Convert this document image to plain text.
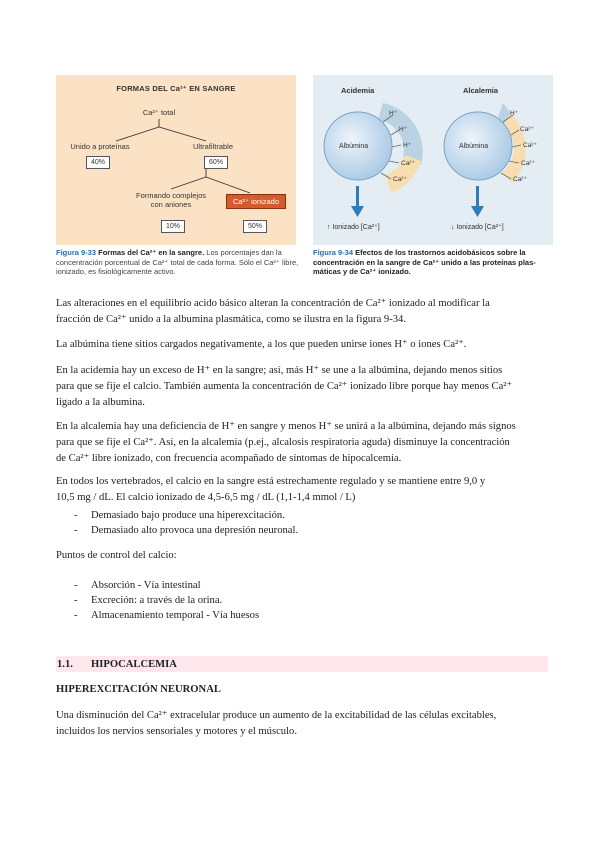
FORMAS DEL Ca²⁺ EN SANGRE
Ca²⁺ total
Unido a proteínas
40%
Ultrafiltrable
60%
Formando complejos
con aniones
10%
Ca²⁺ ionizado
50%
Acidemia	Alcalemia
Albúmina	Albúmina
H⁺
H⁺
H⁺
Ca²⁺
Ca²⁺
H⁺
Ca²⁺
Ca²⁺
Ca²⁺
Ca²⁺
↑ Ionizado [Ca²⁺]	↓ Ionizado [Ca²⁺]
Figura 9-33 Formas del Ca²⁺ en la sangre. Los porcentajes dan la
concentración porcentual de Ca²⁺ total de cada forma. Sólo el Ca²⁺ libre,
ionizado, es fisiológicamente activo.
Figura 9-34 Efectos de los trastornos acidobásicos sobre la
concentración en la sangre de Ca²⁺ unido a las proteínas plas-
máticas y de Ca²⁺ ionizado.
Las alteraciones en el equilibrio acido básico alteran la concentración de Ca²⁺ ionizado al modificar la
fracción de Ca²⁺ unido a la albumina plasmática, como se ilustra en la figura 9-34.
La albúmina tiene sitios cargados negativamente, a los que pueden unirse iones H⁺ o iones Ca²⁺.
En la acidemia hay un exceso de H⁺ en la sangre; así, más H⁺ se une a la albúmina, dejando menos sitios
para que se fije el calcio. También aumenta la concentración de Ca²⁺ ionizado libre porque hay menos Ca²⁺
ligado a la albumina.
En la alcalemia hay una deficiencia de H⁺ en sangre y menos H⁺ se unirá a la albúmina, dejando más signos
para que se fije el Ca²⁺. Así, en la alcalemia (p.ej., alcalosis respiratoria aguda) disminuye la concentración
de Ca²⁺ libre ionizado, con frecuencia acompañado de síntomas de hipocalcemia.
En todos los vertebrados, el calcio en la sangre está estrechamente regulado y se mantiene entre 9,0 y
10,5 mg / dL. El calcio ionizado de 4,5-6,5 mg / dL (1,1-1,4 mmol / L)
- Demasiado bajo produce una hiperexcitación.
- Demasiado alto provoca una depresión neuronal.
Puntos de control del calcio:
- Absorción - Vía intestinal
- Excreción: a través de la orina.
- Almacenamiento temporal - Vía huesos
1.1. HIPOCALCEMIA
HIPEREXCITACIÓN NEURONAL
Una disminución del Ca²⁺ extracelular produce un aumento de la excitabilidad de las células excitables,
incluidos los nervios sensoriales y motores y el músculo.
